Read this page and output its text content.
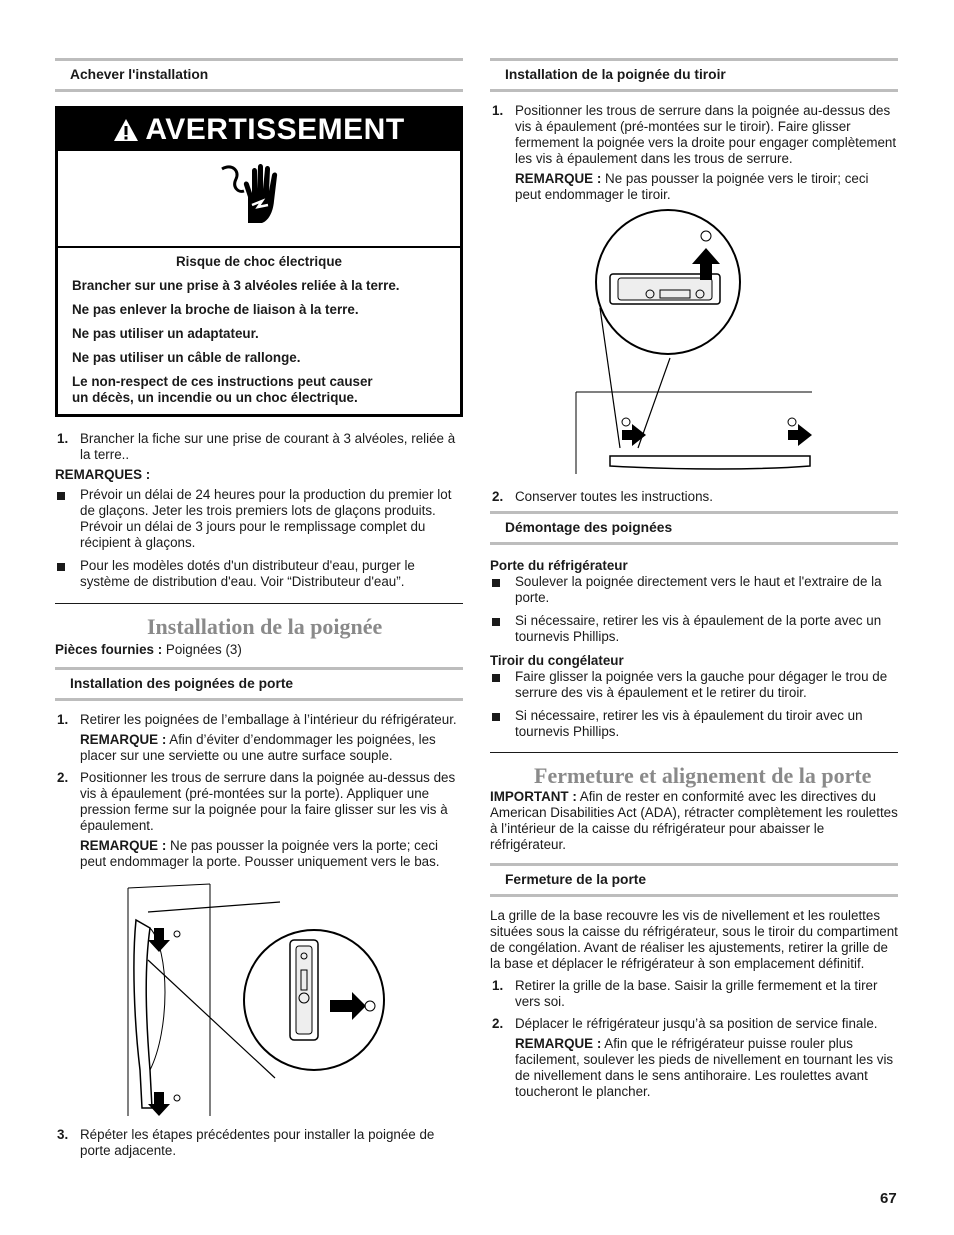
Achever l'installation
AVERTISSEMENT

Risque de choc électrique

Brancher sur une prise à 3 alvéoles reliée à la terre.

Ne pas enlever la broche de liaison à la terre.

Ne pas utiliser un adaptateur.

Ne pas utiliser un câble de rallonge.

Le non-respect de ces instructions peut causer un décès, un incendie ou un choc électrique.

1. Brancher la fiche sur une prise de courant à 3 alvéoles, reliée à la terre..
REMARQUES :
Prévoir un délai de 24 heures pour la production du premier lot de glaçons. Jeter les trois premiers lots de glaçons produits. Prévoir un délai de 3 jours pour le remplissage complet du récipient à glaçons.
Pour les modèles dotés d'un distributeur d'eau, purger le système de distribution d'eau. Voir “Distributeur d'eau”.
Installation de la poignée
Pièces fournies : Poignées (3)
Installation des poignées de porte
1. Retirer les poignées de l’emballage à l’intérieur du réfrigérateur.
REMARQUE : Afin d’éviter d’endommager les poignées, les placer sur une serviette ou une autre surface souple.
2. Positionner les trous de serrure dans la poignée au-dessus des vis à épaulement (pré-montées sur la porte). Appliquer une pression ferme sur la poignée pour la faire glisser sur les vis à épaulement.
REMARQUE : Ne pas pousser la poignée vers la porte; ceci peut endommager la porte. Pousser uniquement vers le bas.
3. Répéter les étapes précédentes pour installer la poignée de porte adjacente.
Installation de la poignée du tiroir
1. Positionner les trous de serrure dans la poignée au-dessus des vis à épaulement (pré-montées sur le tiroir). Faire glisser fermement la poignée vers la droite pour engager complètement les vis à épaulement dans les trous de serrure.
REMARQUE : Ne pas pousser la poignée vers le tiroir; ceci peut endommager le tiroir.
2. Conserver toutes les instructions.
Démontage des poignées
Porte du réfrigérateur
Soulever la poignée directement vers le haut et l'extraire de la porte.
Si nécessaire, retirer les vis à épaulement de la porte avec un tournevis Phillips.
Tiroir du congélateur
Faire glisser la poignée vers la gauche pour dégager le trou de serrure des vis à épaulement et le retirer du tiroir.
Si nécessaire, retirer les vis à épaulement du tiroir avec un tournevis Phillips.
Fermeture et alignement de la porte
IMPORTANT : Afin de rester en conformité avec les directives du American Disabilities Act (ADA), rétracter complètement les roulettes à l’intérieur de la caisse du réfrigérateur pour abaisser le réfrigérateur.
Fermeture de la porte

La grille de la base recouvre les vis de nivellement et les roulettes situées sous la caisse du réfrigérateur, sous le tiroir du compartiment de congélation. Avant de réaliser les ajustements, retirer la grille de la base et déplacer le réfrigérateur à son emplacement définitif.

1. Retirer la grille de la base. Saisir la grille fermement et la tirer vers soi.
2. Déplacer le réfrigérateur jusqu’à sa position de service finale.
REMARQUE : Afin que le réfrigérateur puisse rouler plus facilement, soulever les pieds de nivellement en tournant les vis de nivellement dans le sens antihoraire. Les roulettes avant toucheront le plancher.
67
